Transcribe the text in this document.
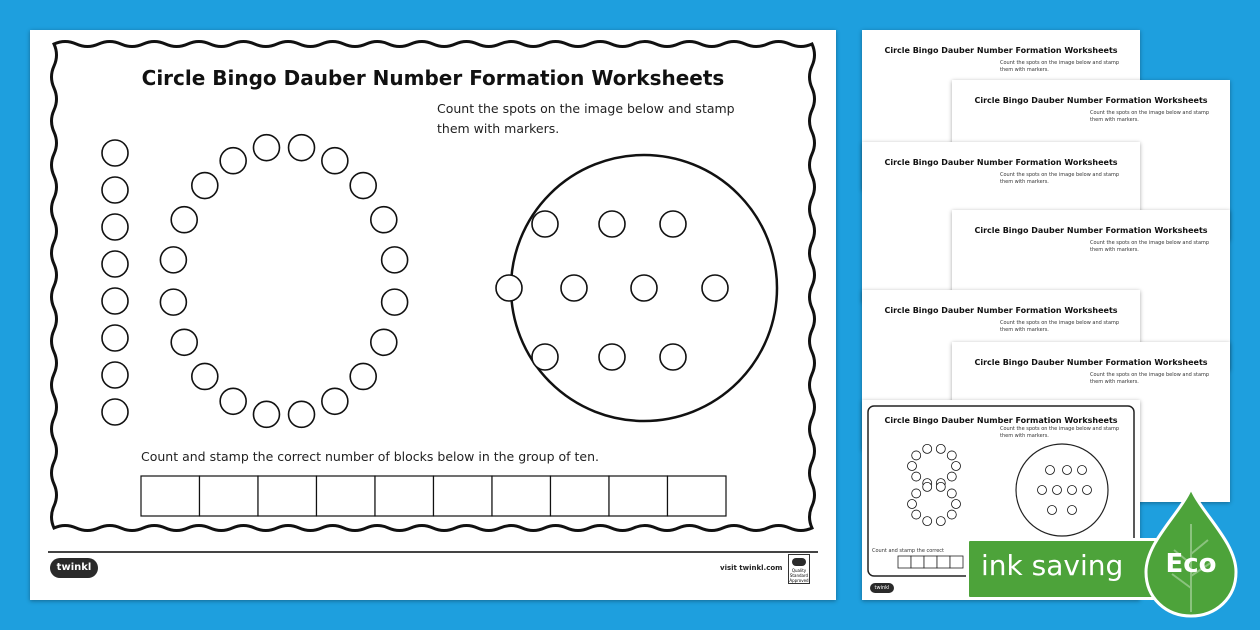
Circle Bingo Dauber Number Formation Worksheets
Count the spots on the image below and stamp them with markers.
Count and stamp the correct number of blocks below in the group of ten.
twinkl	visit twinkl.com	Quality Standard Approved
Circle Bingo Dauber Number Formation Worksheets
Count the spots on the image below and stamp them with markers.
Circle Bingo Dauber Number Formation Worksheets
Count the spots on the image below and stamp them with markers.
Circle Bingo Dauber Number Formation Worksheets
Count the spots on the image below and stamp them with markers.
Circle Bingo Dauber Number Formation Worksheets
Count the spots on the image below and stamp them with markers.
Circle Bingo Dauber Number Formation Worksheets
Count the spots on the image below and stamp them with markers.
Circle Bingo Dauber Number Formation Worksheets
Count the spots on the image below and stamp them with markers.
Circle Bingo Dauber Number Formation Worksheets
Count the spots on the image below and stamp them with markers.
Count and stamp the correct
twinkl
ink saving	Eco
